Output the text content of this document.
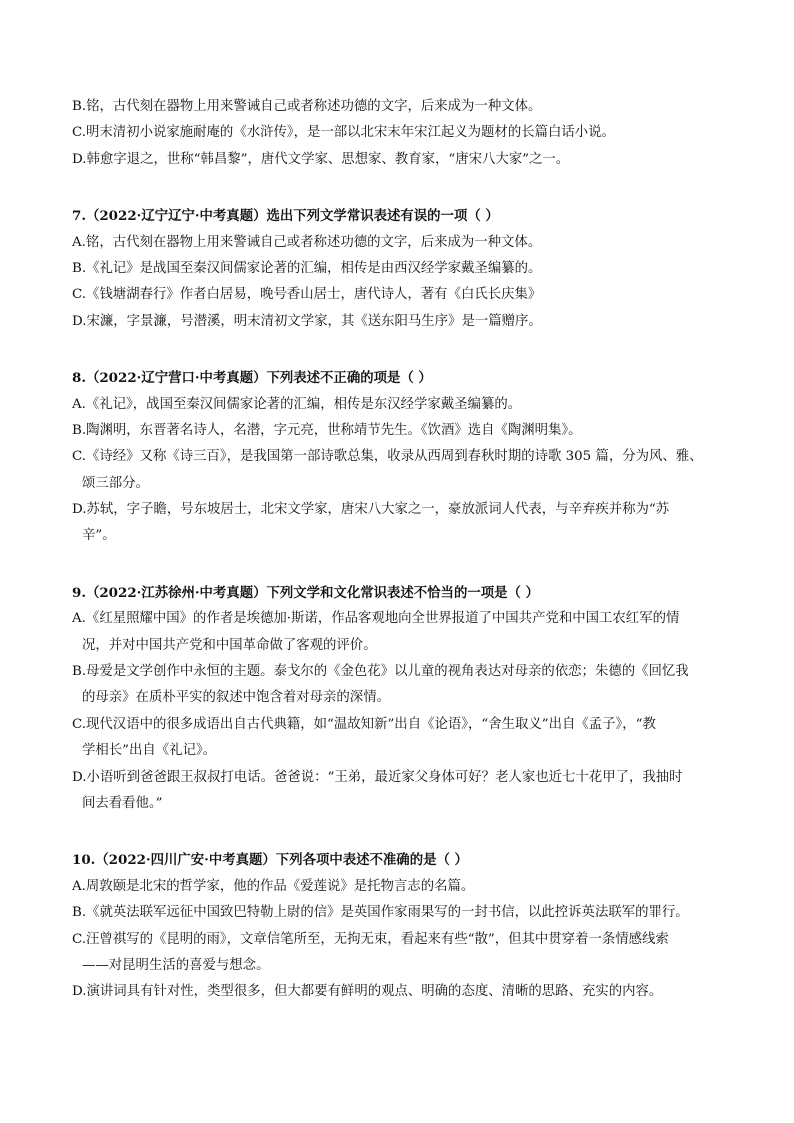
B.铭，古代刻在器物上用来警诫自己或者称述功德的文字，后来成为一种文体。
C.明末清初小说家施耐庵的《水浒传》，是一部以北宋末年宋江起义为题材的长篇白话小说。
D.韩愈字退之，世称“韩昌黎”，唐代文学家、思想家、教育家，“唐宋八大家”之一。
7.（2022·辽宁辽宁·中考真题）选出下列文学常识表述有误的一项（ ）
A.铭，古代刻在器物上用来警诫自己或者称述功德的文字，后来成为一种文体。
B.《礼记》是战国至秦汉间儒家论著的汇编，相传是由西汉经学家戴圣编纂的。
C.《钱塘湖春行》作者白居易，晚号香山居士，唐代诗人，著有《白氏长庆集》
D.宋濂，字景濂，号潜溪，明末清初文学家，其《送东阳马生序》是一篇赠序。
8.（2022·辽宁营口·中考真题）下列表述不正确的项是（ ）
A.《礼记》，战国至秦汉间儒家论著的汇编，相传是东汉经学家戴圣编纂的。
B.陶渊明，东晋著名诗人，名潜，字元亮，世称靖节先生。《饮酒》选自《陶渊明集》。
C.《诗经》又称《诗三百》，是我国第一部诗歌总集，收录从西周到春秋时期的诗歌 305 篇，分为风、雅、
颂三部分。
D.苏轼，字子瞻，号东坡居士，北宋文学家，唐宋八大家之一，豪放派词人代表，与辛弃疾并称为“苏
辛”。
9.（2022·江苏徐州·中考真题）下列文学和文化常识表述不恰当的一项是（ ）
A.《红星照耀中国》的作者是埃德加·斯诺，作品客观地向全世界报道了中国共产党和中国工农红军的情
况，并对中国共产党和中国革命做了客观的评价。
B.母爱是文学创作中永恒的主题。泰戈尔的《金色花》以儿童的视角表达对母亲的依恋；朱德的《回忆我
的母亲》在质朴平实的叙述中饱含着对母亲的深情。
C.现代汉语中的很多成语出自古代典籍，如“温故知新”出自《论语》，“舍生取义”出自《孟子》，“教
学相长”出自《礼记》。
D.小语听到爸爸跟王叔叔打电话。爸爸说：“王弟，最近家父身体可好？老人家也近七十花甲了，我抽时
间去看看他。”
10.（2022·四川广安·中考真题）下列各项中表述不准确的是（ ）
A.周敦颐是北宋的哲学家，他的作品《爱莲说》是托物言志的名篇。
B.《就英法联军远征中国致巴特勒上尉的信》是英国作家雨果写的一封书信，以此控诉英法联军的罪行。
C.汪曾祺写的《昆明的雨》，文章信笔所至，无拘无束，看起来有些“散”，但其中贯穿着一条情感线索
——对昆明生活的喜爱与想念。
D.演讲词具有针对性，类型很多，但大都要有鲜明的观点、明确的态度、清晰的思路、充实的内容。
